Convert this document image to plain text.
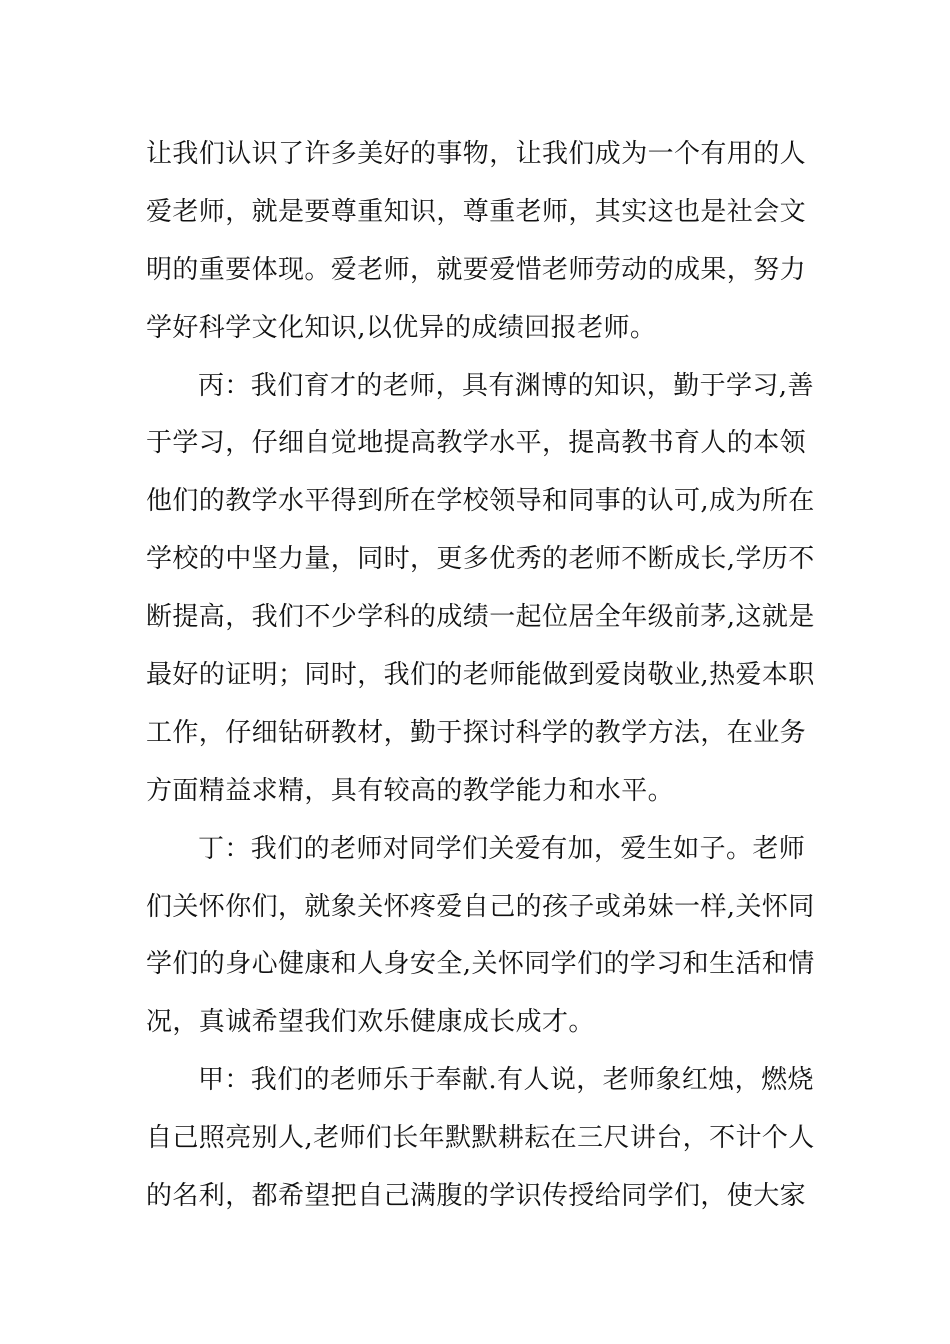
让我们认识了许多美好的事物，让我们成为一个有用的人
爱老师，就是要尊重知识，尊重老师，其实这也是社会文
明的重要体现。爱老师，就要爱惜老师劳动的成果，努力
学好科学文化知识,以优异的成绩回报老师。
丙：我们育才的老师，具有渊博的知识，勤于学习,善
于学习，仔细自觉地提高教学水平，提高教书育人的本领
他们的教学水平得到所在学校领导和同事的认可,成为所在
学校的中坚力量，同时，更多优秀的老师不断成长,学历不
断提高，我们不少学科的成绩一起位居全年级前茅,这就是
最好的证明；同时，我们的老师能做到爱岗敬业,热爱本职
工作，仔细钻研教材，勤于探讨科学的教学方法，在业务
方面精益求精，具有较高的教学能力和水平。
丁：我们的老师对同学们关爱有加，爱生如子。老师
们关怀你们，就象关怀疼爱自己的孩子或弟妹一样,关怀同
学们的身心健康和人身安全,关怀同学们的学习和生活和情
况，真诚希望我们欢乐健康成长成才。
甲：我们的老师乐于奉献.有人说，老师象红烛，燃烧
自己照亮别人,老师们长年默默耕耘在三尺讲台，不计个人
的名利，都希望把自己满腹的学识传授给同学们，使大家
